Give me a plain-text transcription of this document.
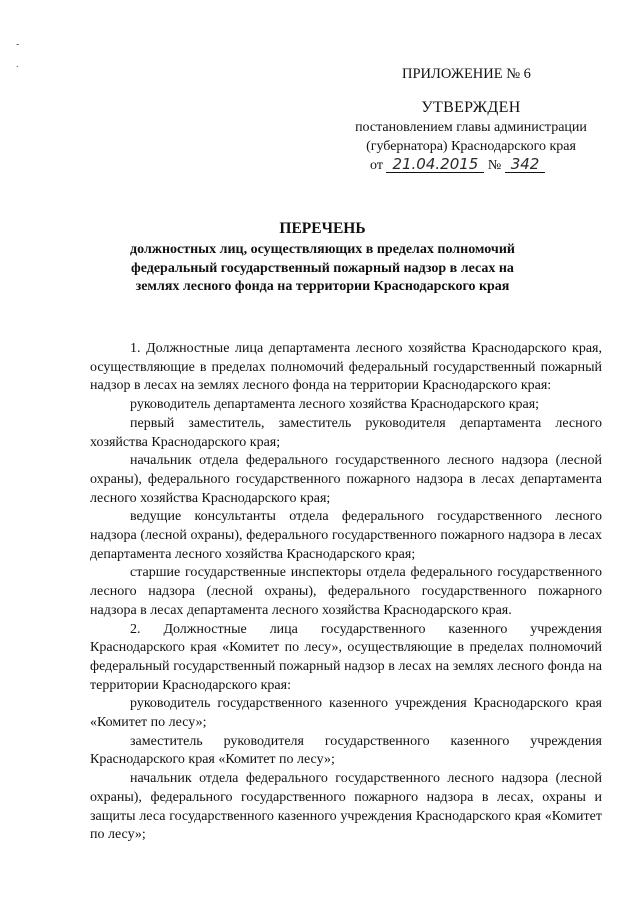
-
.
ПРИЛОЖЕНИЕ № 6
УТВЕРЖДЕН
постановлением главы администрации
(губернатора) Краснодарского края
от 21.04.2015 № 342
ПЕРЕЧЕНЬ
должностных лиц, осуществляющих в пределах полномочий федеральный государственный пожарный надзор в лесах на землях лесного фонда на территории Краснодарского края

1. Должностные лица департамента лесного хозяйства Краснодарского края, осуществляющие в пределах полномочий федеральный государственный пожарный надзор в лесах на землях лесного фонда на территории Краснодарского края:

руководитель департамента лесного хозяйства Краснодарского края;

первый заместитель, заместитель руководителя департамента лесного хозяйства Краснодарского края;

начальник отдела федерального государственного лесного надзора (лесной охраны), федерального государственного пожарного надзора в лесах департамента лесного хозяйства Краснодарского края;

ведущие консультанты отдела федерального государственного лесного надзора (лесной охраны), федерального государственного пожарного надзора в лесах департамента лесного хозяйства Краснодарского края;

старшие государственные инспекторы отдела федерального государственного лесного надзора (лесной охраны), федерального государственного пожарного надзора в лесах департамента лесного хозяйства Краснодарского края.

2. Должностные лица государственного казенного учреждения Краснодарского края «Комитет по лесу», осуществляющие в пределах полномочий федеральный государственный пожарный надзор в лесах на землях лесного фонда на территории Краснодарского края:

руководитель государственного казенного учреждения Краснодарского края «Комитет по лесу»;

заместитель руководителя государственного казенного учреждения Краснодарского края «Комитет по лесу»;

начальник отдела федерального государственного лесного надзора (лесной охраны), федерального государственного пожарного надзора в лесах, охраны и защиты леса государственного казенного учреждения Краснодарского края «Комитет по лесу»;
